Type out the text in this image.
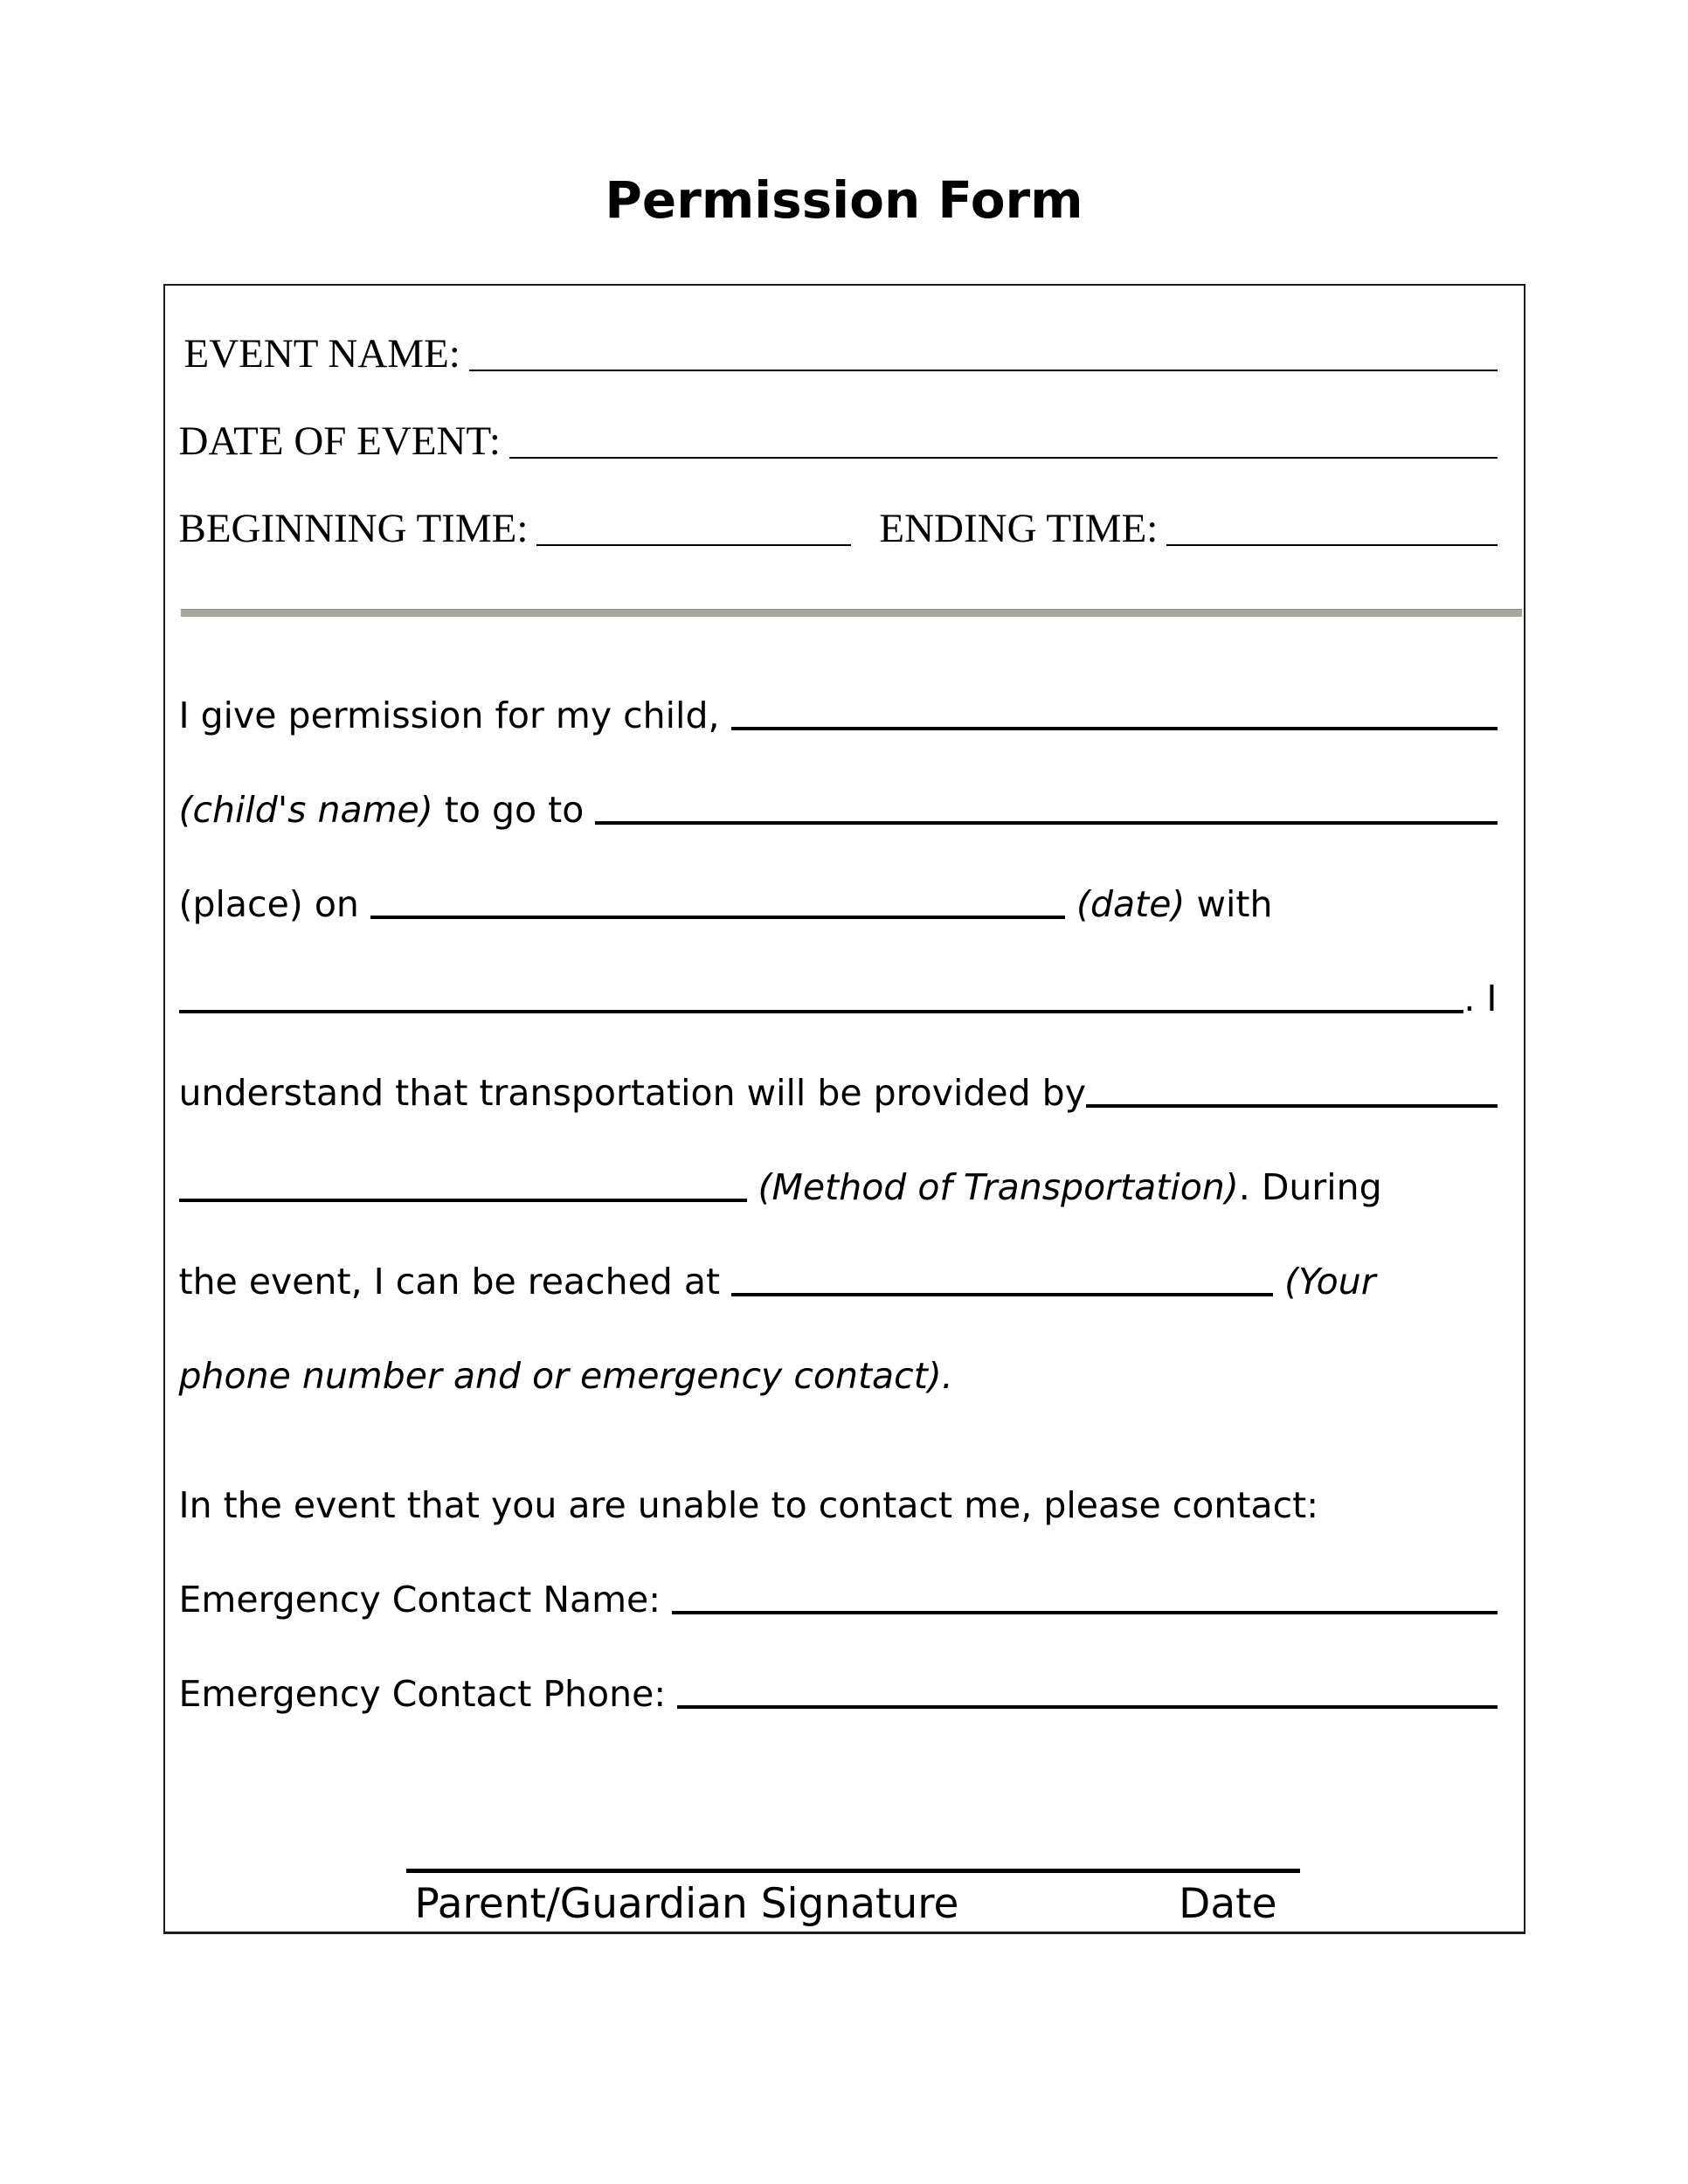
Permission Form
EVENT NAME:
DATE OF EVENT:
BEGINNING TIME:	ENDING TIME:
I give permission for my child,
(child's name) to go to
(place) on	(date) with
. I
understand that transportation will be provided by
(Method of Transportation) . During
the event, I can be reached at	(Your
phone number and or emergency contact).
In the event that you are unable to contact me, please contact:
Emergency Contact Name:
Emergency Contact Phone:
Parent/Guardian Signature	Date
